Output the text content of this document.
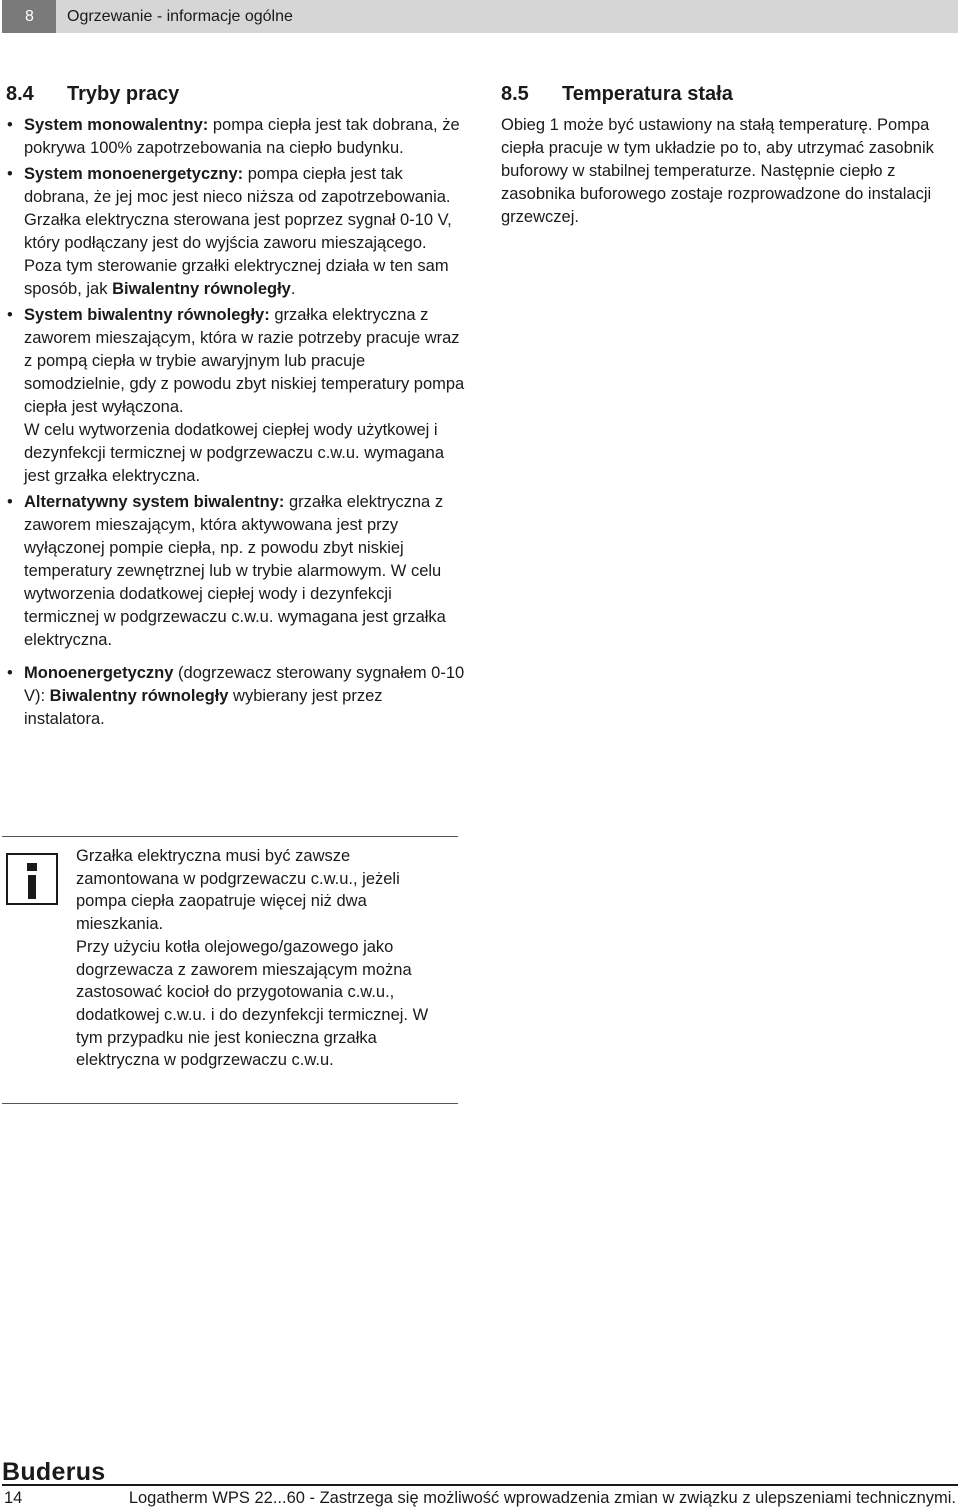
8	Ogrzewanie - informacje ogólne
8.4 Tryby pracy
• System monowalentny: pompa ciepła jest tak dobrana, że pokrywa 100% zapotrzebowania na ciepło budynku.
• System monoenergetyczny: pompa ciepła jest tak dobrana, że jej moc jest nieco niższa od zapotrzebowania. Grzałka elektryczna sterowana jest poprzez sygnał 0-10 V, który podłączany jest do wyjścia zaworu mieszającego. Poza tym sterowanie grzałki elektrycznej działa w ten sam sposób, jak Biwalentny równoległy.
• System biwalentny równoległy: grzałka elektryczna z zaworem mieszającym, która w razie potrzeby pracuje wraz z pompą ciepła w trybie awaryjnym lub pracuje somodzielnie, gdy z powodu zbyt niskiej temperatury pompa ciepła jest wyłączona.
W celu wytworzenia dodatkowej ciepłej wody użytkowej i dezynfekcji termicznej w podgrzewaczu c.w.u. wymagana jest grzałka elektryczna.
• Alternatywny system biwalentny: grzałka elektryczna z zaworem mieszającym, która aktywowana jest przy wyłączonej pompie ciepła, np. z powodu zbyt niskiej temperatury zewnętrznej lub w trybie alarmowym. W celu wytworzenia dodatkowej ciepłej wody i dezynfekcji termicznej w podgrzewaczu c.w.u. wymagana jest grzałka elektryczna.
• Monoenergetyczny (dogrzewacz sterowany sygnałem 0-10 V): Biwalentny równoległy wybierany jest przez instalatora.
Grzałka elektryczna musi być zawsze zamontowana w podgrzewaczu c.w.u., jeżeli pompa ciepła zaopatruje więcej niż dwa mieszkania.
Przy użyciu kotła olejowego/gazowego jako dogrzewacza z zaworem mieszającym można zastosować kocioł do przygotowania c.w.u., dodatkowej c.w.u. i do dezynfekcji termicznej. W tym przypadku nie jest konieczna grzałka elektryczna w podgrzewaczu c.w.u.
8.5 Temperatura stała

Obieg 1 może być ustawiony na stałą temperaturę. Pompa ciepła pracuje w tym układzie po to, aby utrzymać zasobnik buforowy w stabilnej temperaturze. Następnie ciepło z zasobnika buforowego zostaje rozprowadzone do instalacji grzewczej.

Buderus
14	Logatherm WPS 22...60 - Zastrzega się możliwość wprowadzenia zmian w związku z ulepszeniami technicznymi.
